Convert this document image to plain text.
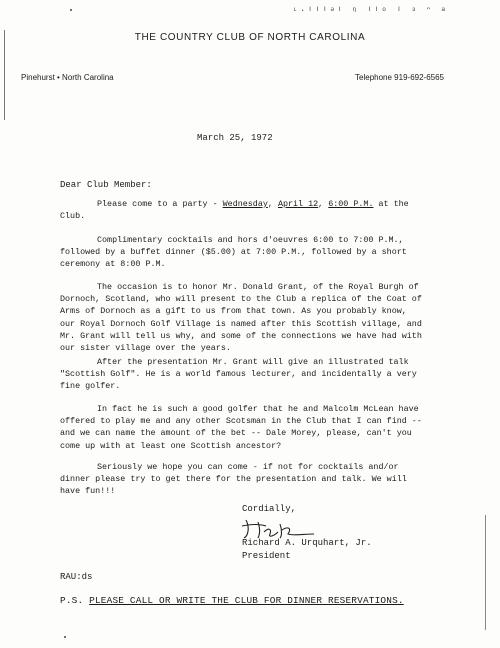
ᶫ·ᴵᴵᴵᵊᴵ ᵑ ᴵᴵᵒ ᴵ ᶟ ᵔ ᵃ
THE COUNTRY CLUB OF NORTH CAROLINA
Pinehurst • North Carolina	Telephone 919-692-6565
March 25, 1972
Dear Club Member:

Please come to a party - Wednesday, April 12, 6:00 P.M. at the Club.

Complimentary cocktails and hors d'oeuvres 6:00 to 7:00 P.M., followed by a buffet dinner ($5.00) at 7:00 P.M., followed by a short ceremony at 8:00 P.M.

The occasion is to honor Mr. Donald Grant, of the Royal Burgh of Dornoch, Scotland, who will present to the Club a replica of the Coat of Arms of Dornoch as a gift to us from that town. As you probably know, our Royal Dornoch Golf Village is named after this Scottish village, and Mr. Grant will tell us why, and some of the connections we have had with our sister village over the years.

After the presentation Mr. Grant will give an illustrated talk "Scottish Golf". He is a world famous lecturer, and incidentally a very fine golfer.

In fact he is such a good golfer that he and Malcolm McLean have offered to play me and any other Scotsman in the Club that I can find -- and we can name the amount of the bet -- Dale Morey, please, can't you come up with at least one Scottish ancestor?

Seriously we hope you can come - if not for cocktails and/or dinner please try to get there for the presentation and talk. We will have fun!!!

Cordially,
Richard A. Urquhart, Jr.
President
RAU:ds
P.S. PLEASE CALL OR WRITE THE CLUB FOR DINNER RESERVATIONS.
